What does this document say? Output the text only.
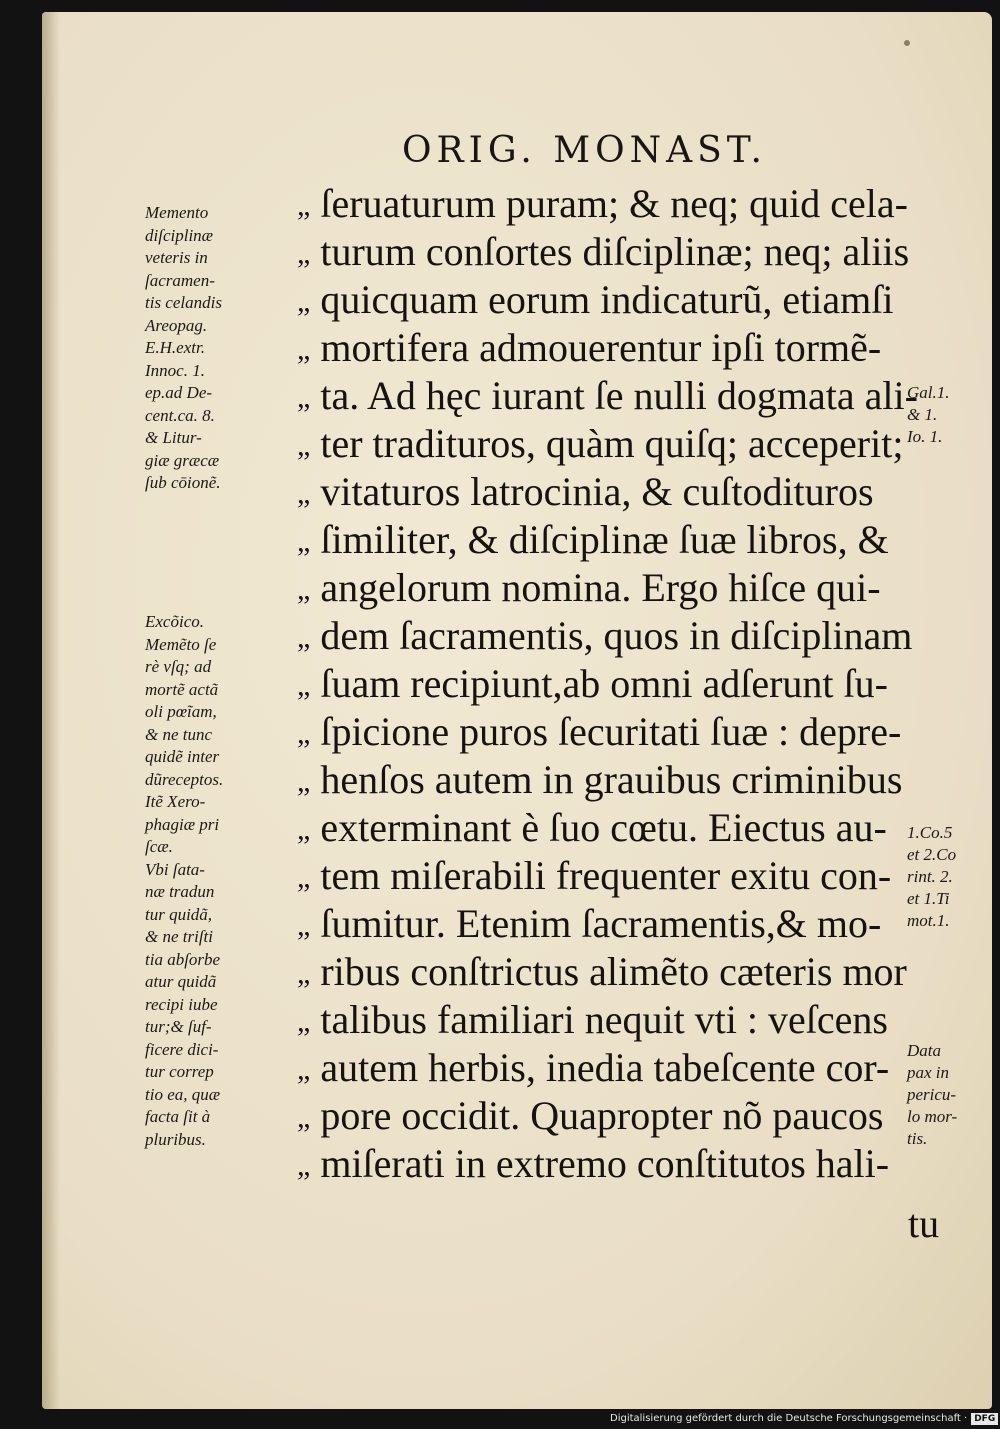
ORIG. MONAST.
„ ſeruaturum puram; & neq; quid cela-
„ turum conſortes diſciplinæ; neq; aliis
„ quicquam eorum indicaturũ, etiamſi
„ mortifera admouerentur ipſi tormẽ-
„ ta. Ad hęc iurant ſe nulli dogmata ali-
„ ter tradituros, quàm quiſq; acceperit;
„ vitaturos latrocinia, & cuſtodituros
„ ſimiliter, & diſciplinæ ſuæ libros, &
„ angelorum nomina. Ergo hiſce qui-
„ dem ſacramentis, quos in diſciplinam
„ ſuam recipiunt,ab omni adſerunt ſu-
„ ſpicione puros ſecuritati ſuæ : depre-
„ henſos autem in grauibus criminibus
„ exterminant è ſuo cœtu. Eiectus au-
„ tem miſerabili frequenter exitu con-
„ ſumitur. Etenim ſacramentis,& mo-
„ ribus conſtrictus alimẽto cæteris mor
„ talibus familiari nequit vti : veſcens
„ autem herbis, inedia tabeſcente cor-
„ pore occidit. Quapropter nõ paucos
„ miſerati in extremo conſtitutos hali-
tu
Memento
diſciplinæ
veteris in
ſacramen-
tis celandis
Areopag.
E.H.extr.
Innoc. 1.
ep.ad De-
cent.ca. 8.
& Litur-
giæ græcæ
ſub cōionẽ.
Excõico.
Memẽto ſe
rè vſq; ad
mortẽ actã
oli pœĩam,
& ne tunc
quidẽ inter
dũreceptos.
Itẽ Xero-
phagiæ pri
ſcæ.
Vbi ſata-
næ tradun
tur quidã,
& ne triſti
tia abſorbe
atur quidã
recipi iube
tur;& ſuf-
ficere dici-
tur correp
tio ea, quæ
facta ſit à
pluribus.
Gal.1.
& 1.
Io. 1.
1.Co.5
et 2.Co
rint. 2.
et 1.Ti
mot.1.
Data
pax in
pericu-
lo mor-
tis.
Digitalisierung gefördert durch die Deutsche Forschungsgemeinschaft · DFG
